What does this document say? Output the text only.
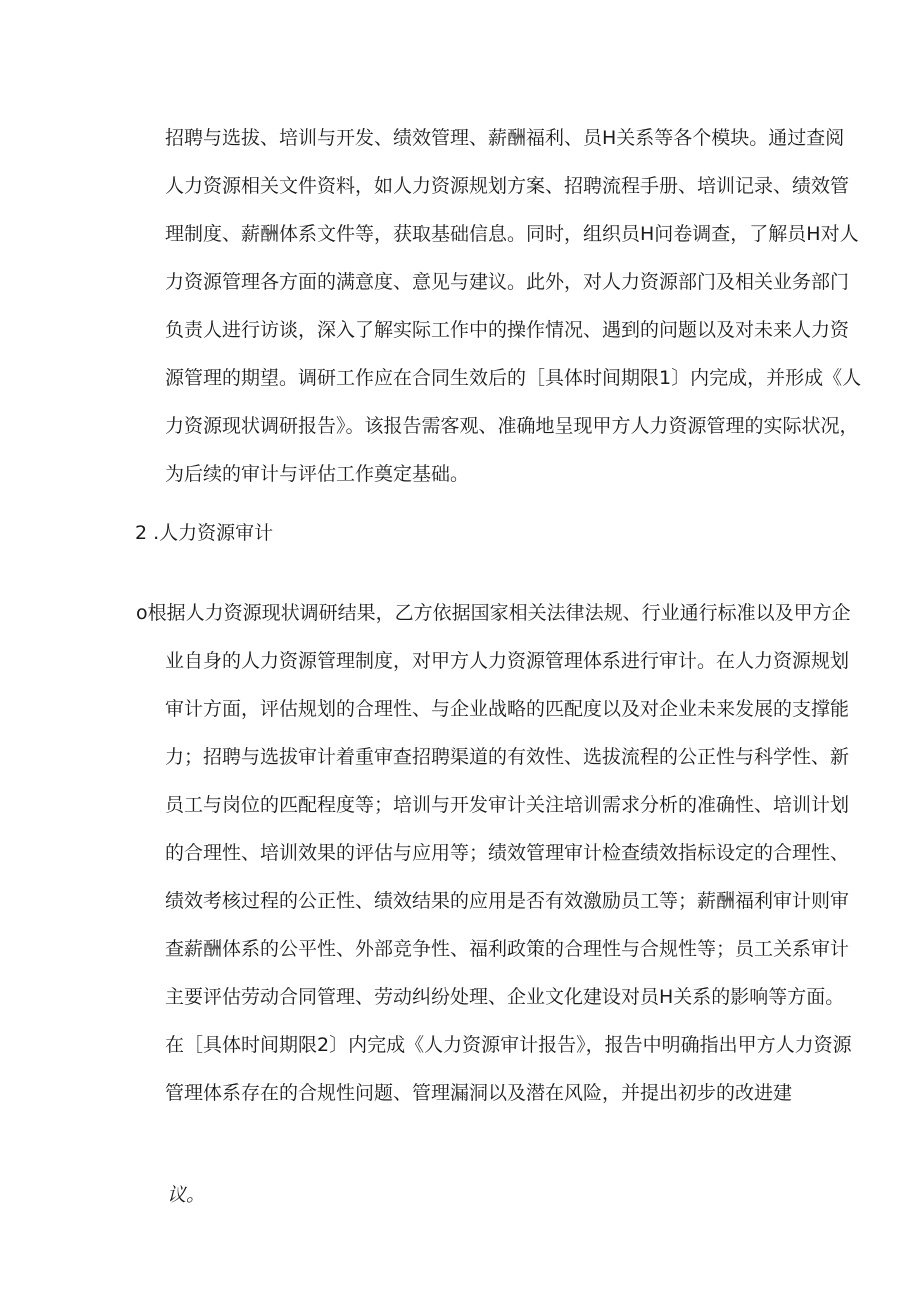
招聘与选拔、培训与开发、绩效管理、薪酬福利、员H关系等各个模块。通过查阅
人力资源相关文件资料，如人力资源规划方案、招聘流程手册、培训记录、绩效管
理制度、薪酬体系文件等，获取基础信息。同时，组织员H问卷调查，了解员H对人
力资源管理各方面的满意度、意见与建议。此外，对人力资源部门及相关业务部门
负责人进行访谈，深入了解实际工作中的操作情况、遇到的问题以及对未来人力资
源管理的期望。调研工作应在合同生效后的［具体时间期限1〕内完成，并形成《人
力资源现状调研报告》。该报告需客观、准确地呈现甲方人力资源管理的实际状况，
为后续的审计与评估工作奠定基础。
2 .人力资源审计
o根据人力资源现状调研结果，乙方依据国家相关法律法规、行业通行标准以及甲方企
业自身的人力资源管理制度，对甲方人力资源管理体系进行审计。在人力资源规划
审计方面，评估规划的合理性、与企业战略的匹配度以及对企业未来发展的支撑能
力；招聘与选拔审计着重审查招聘渠道的有效性、选拔流程的公正性与科学性、新
员工与岗位的匹配程度等；培训与开发审计关注培训需求分析的准确性、培训计划
的合理性、培训效果的评估与应用等；绩效管理审计检查绩效指标设定的合理性、
绩效考核过程的公正性、绩效结果的应用是否有效激励员工等；薪酬福利审计则审
查薪酬体系的公平性、外部竞争性、福利政策的合理性与合规性等；员工关系审计
主要评估劳动合同管理、劳动纠纷处理、企业文化建设对员H关系的影响等方面。
在［具体时间期限2〕内完成《人力资源审计报告》，报告中明确指出甲方人力资源
管理体系存在的合规性问题、管理漏洞以及潜在风险，并提出初步的改进建
议。
